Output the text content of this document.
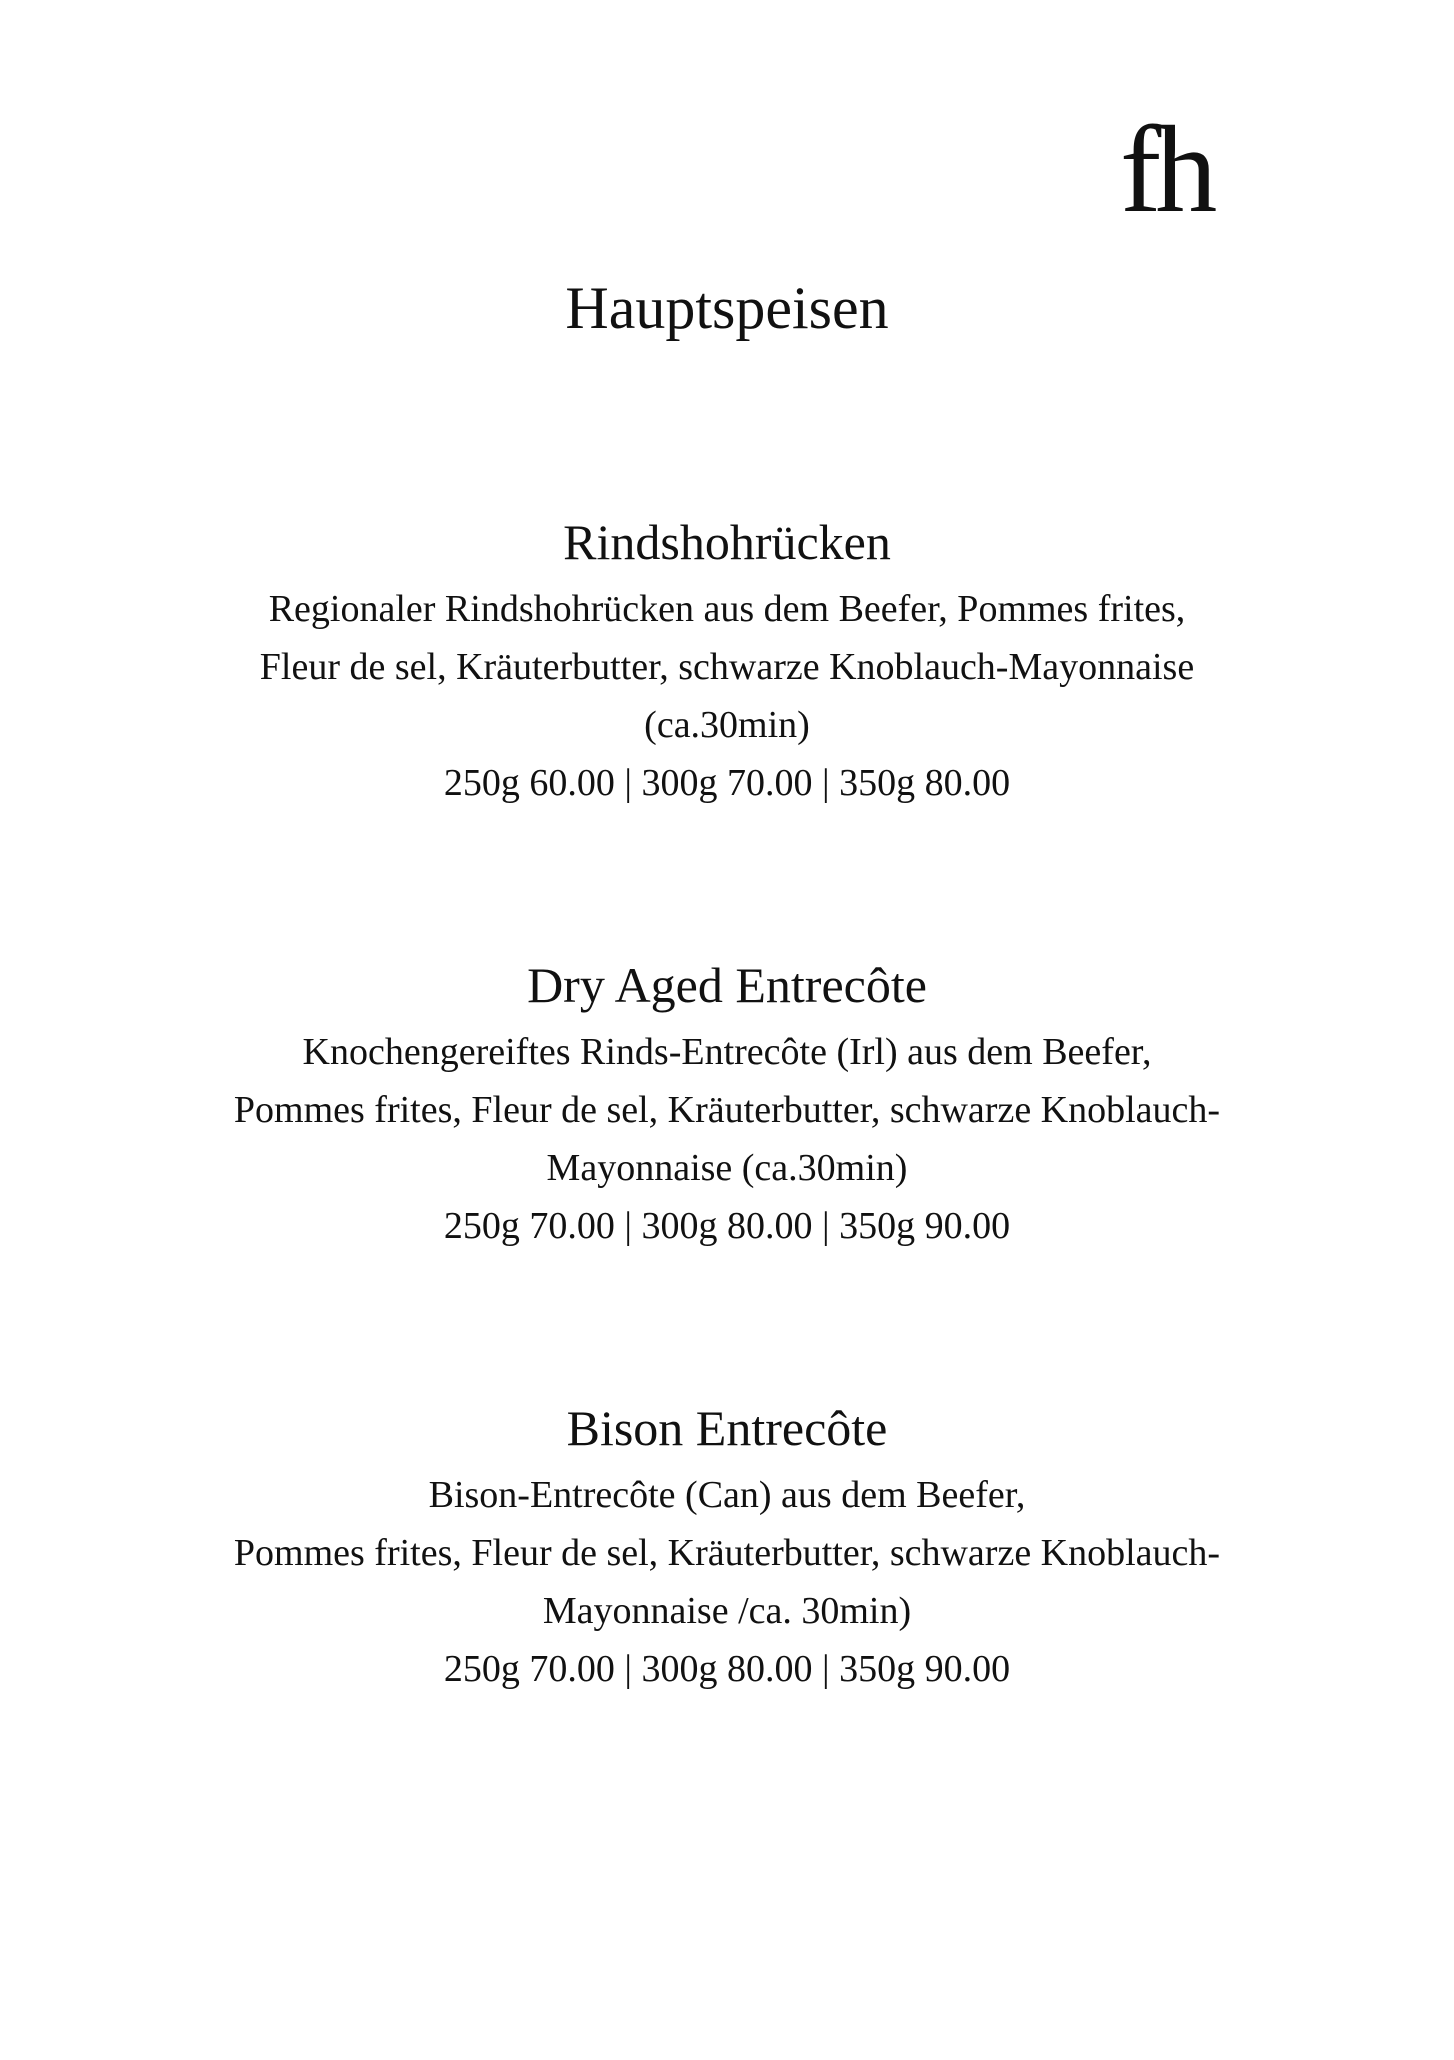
fh
Hauptspeisen
Rindshohrücken

Regionaler Rindshohrücken aus dem Beefer, Pommes frites,
Fleur de sel, Kräuterbutter, schwarze Knoblauch-Mayonnaise
(ca.30min)

250g 60.00 | 300g 70.00 | 350g 80.00

Dry Aged Entrecôte

Knochengereiftes Rinds-Entrecôte (Irl) aus dem Beefer,
Pommes frites, Fleur de sel, Kräuterbutter, schwarze Knoblauch-
Mayonnaise (ca.30min)

250g 70.00 | 300g 80.00 | 350g 90.00

Bison Entrecôte

Bison-Entrecôte (Can) aus dem Beefer,
Pommes frites, Fleur de sel, Kräuterbutter, schwarze Knoblauch-
Mayonnaise /ca. 30min)

250g 70.00 | 300g 80.00 | 350g 90.00
